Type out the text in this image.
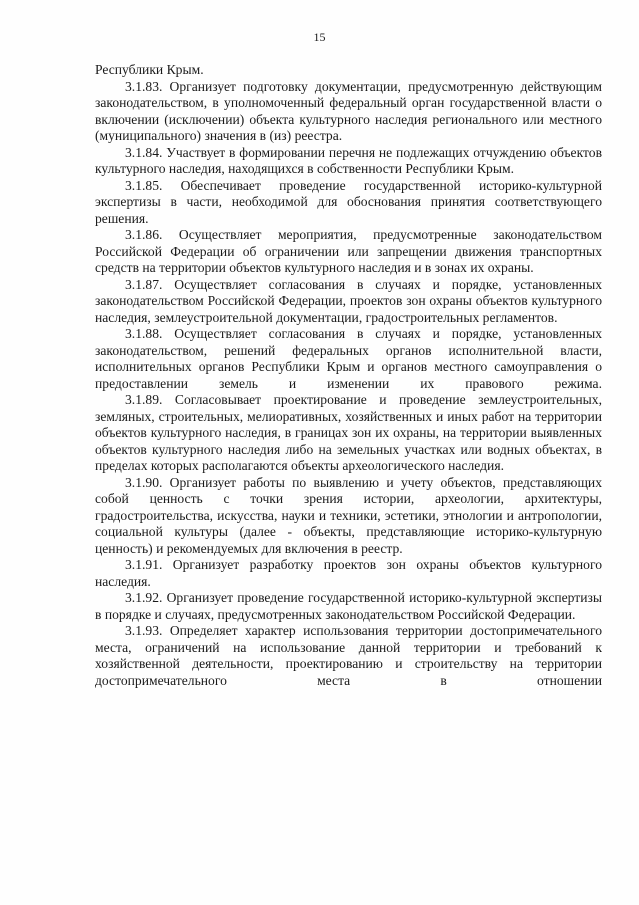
15

Республики Крым.

3.1.83. Организует подготовку документации, предусмотренную действующим законодательством, в уполномоченный федеральный орган государственной власти о включении (исключении) объекта культурного наследия регионального или местного (муниципального) значения в (из) реестра.

3.1.84. Участвует в формировании перечня не подлежащих отчуждению объектов культурного наследия, находящихся в собственности Республики Крым.

3.1.85. Обеспечивает проведение государственной историко-культурной экспертизы в части, необходимой для обоснования принятия соответствующего решения.

3.1.86. Осуществляет мероприятия, предусмотренные законодательством Российской Федерации об ограничении или запрещении движения транспортных средств на территории объектов культурного наследия и в зонах их охраны.

3.1.87. Осуществляет согласования в случаях и порядке, установленных законодательством Российской Федерации, проектов зон охраны объектов культурного наследия, землеустроительной документации, градостроительных регламентов.

3.1.88. Осуществляет согласования в случаях и порядке, установленных законодательством, решений федеральных органов исполнительной власти, исполнительных органов Республики Крым и органов местного самоуправления о предоставлении земель и изменении их правового режима.

3.1.89. Согласовывает проектирование и проведение землеустроительных, земляных, строительных, мелиоративных, хозяйственных и иных работ на территории объектов культурного наследия, в границах зон их охраны, на территории выявленных объектов культурного наследия либо на земельных участках или водных объектах, в пределах которых располагаются объекты археологического наследия.

3.1.90. Организует работы по выявлению и учету объектов, представляющих собой ценность с точки зрения истории, археологии, архитектуры, градостроительства, искусства, науки и техники, эстетики, этнологии и антропологии, социальной культуры (далее - объекты, представляющие историко-культурную ценность) и рекомендуемых для включения в реестр.

3.1.91. Организует разработку проектов зон охраны объектов культурного наследия.

3.1.92. Организует проведение государственной историко-культурной экспертизы в порядке и случаях, предусмотренных законодательством Российской Федерации.

3.1.93. Определяет характер использования территории достопримечательного места, ограничений на использование данной территории и требований к хозяйственной деятельности, проектированию и строительству на территории достопримечательного места в отношении
